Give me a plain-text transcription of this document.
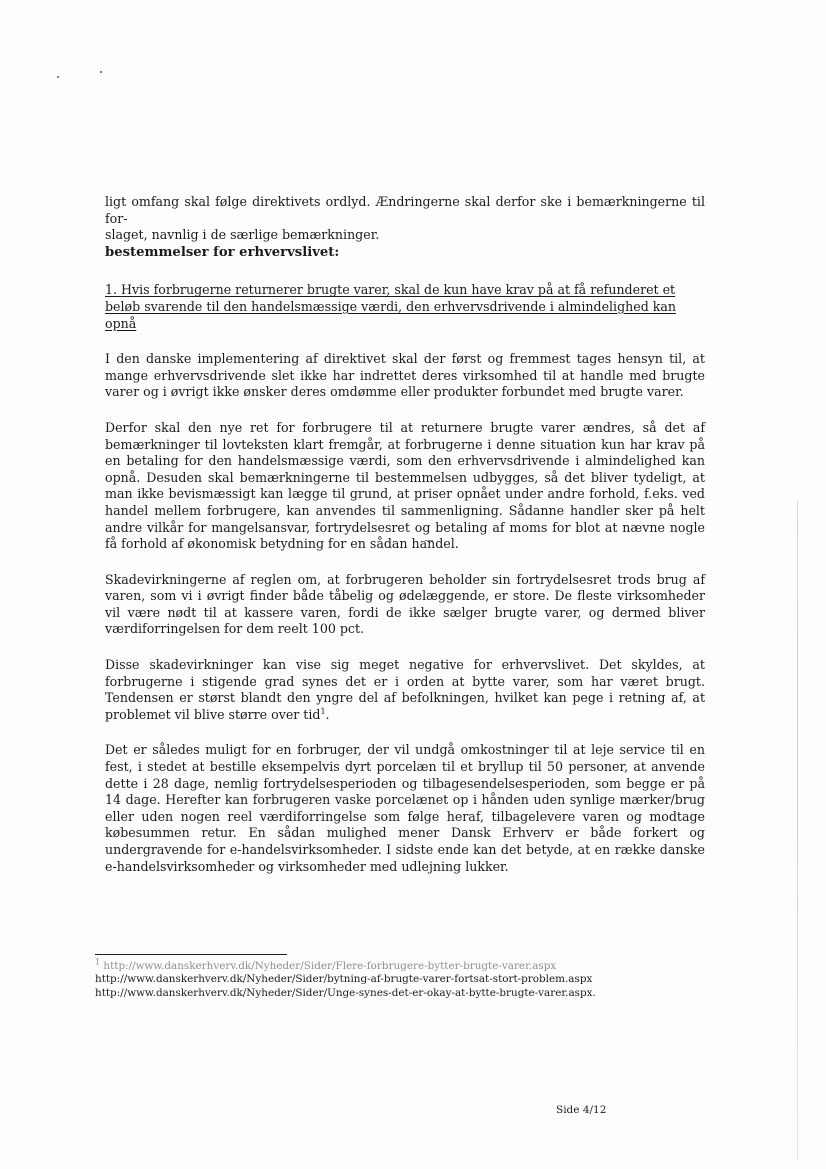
ligt omfang skal følge direktivets ordlyd. Ændringerne skal derfor ske i bemærkningerne til for-

slaget, navnlig i de særlige bemærkninger.

bestemmelser for erhvervslivet:

1. Hvis forbrugerne returnerer brugte varer, skal de kun have krav på at få refunderet et beløb svarende til den handelsmæssige værdi, den erhvervsdrivende i almindelighed kan opnå

I den danske implementering af direktivet skal der først og fremmest tages hensyn til, at mange erhvervsdrivende slet ikke har indrettet deres virksomhed til at handle med brugte varer og i øvrigt ikke ønsker deres omdømme eller produkter forbundet med brugte varer.

Derfor skal den nye ret for forbrugere til at returnere brugte varer ændres, så det af bemærkninger til lovteksten klart fremgår, at forbrugerne i denne situation kun har krav på en betaling for den handelsmæssige værdi, som den erhvervsdrivende i almindelighed kan opnå. Desuden skal bemærkningerne til bestemmelsen udbygges, så det bliver tydeligt, at man ikke bevismæssigt kan lægge til grund, at priser opnået under andre forhold, f.eks. ved handel mellem forbrugere, kan anvendes til sammenligning. Sådanne handler sker på helt andre vilkår for mangelsansvar, fortrydelsesret og betaling af moms for blot at nævne nogle få forhold af økonomisk betydning for en sådan handel.

Skadevirkningerne af reglen om, at forbrugeren beholder sin fortrydelsesret trods brug af varen, som vi i øvrigt finder både tåbelig og ødelæggende, er store. De fleste virksomheder vil være nødt til at kassere varen, fordi de ikke sælger brugte varer, og dermed bliver værdiforringelsen for dem reelt 100 pct.

Disse skadevirkninger kan vise sig meget negative for erhvervslivet. Det skyldes, at forbrugerne i stigende grad synes det er i orden at bytte varer, som har været brugt. Tendensen er størst blandt den yngre del af befolkningen, hvilket kan pege i retning af, at problemet vil blive større over tid$^1$.

Det er således muligt for en forbruger, der vil undgå omkostninger til at leje service til en fest, i stedet at bestille eksempelvis dyrt porcelæn til et bryllup til 50 personer, at anvende dette i 28 dage, nemlig fortrydelsesperioden og tilbagesendelsesperioden, som begge er på 14 dage. Herefter kan forbrugeren vaske porcelænet op i hånden uden synlige mærker/brug eller uden nogen reel værdiforringelse som følge heraf, tilbagelevere varen og modtage købesummen retur. En sådan mulighed mener Dansk Erhverv er både forkert og undergravende for e-handelsvirksomheder. I sidste ende kan det betyde, at en række danske e-handelsvirksomheder og virksomheder med udlejning lukker.

$^1$ http://www.danskerhverv.dk/Nyheder/Sider/Flere-forbrugere-bytter-brugte-varer.aspx

http://www.danskerhverv.dk/Nyheder/Sider/bytning-af-brugte-varer-fortsat-stort-problem.aspx

http://www.danskerhverv.dk/Nyheder/Sider/Unge-synes-det-er-okay-at-bytte-brugte-varer.aspx.

Side 4/12
